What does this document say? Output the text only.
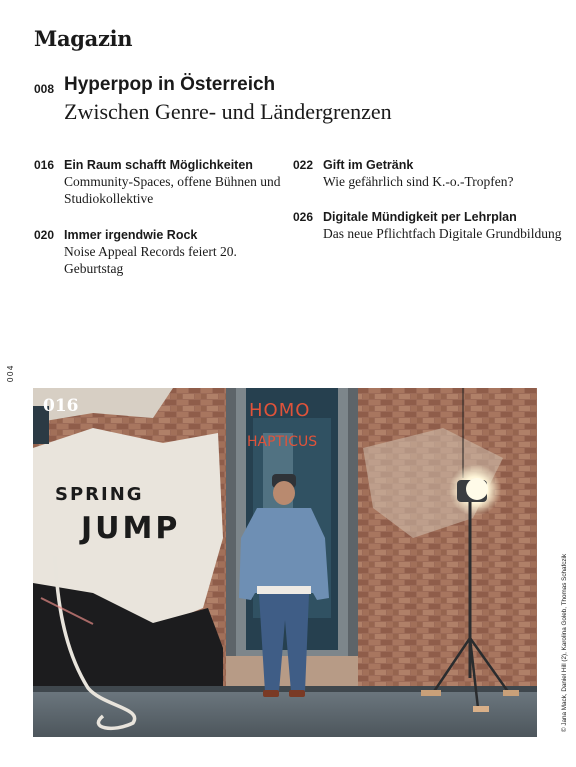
Magazin
008 Hyperpop in Österreich
Zwischen Genre- und Ländergrenzen
016 Ein Raum schafft Möglichkeiten
Community-Spaces, offene Bühnen und Studiokollektive
020 Immer irgendwie Rock
Noise Appeal Records feiert 20. Geburtstag
022 Gift im Getränk
Wie gefährlich sind K.-o.-Tropfen?
026 Digitale Mündigkeit per Lehrplan
Das neue Pflichtfach Digitale Grundbildung
004
SPRING
JUMP
HOMO
HAPTICUS
016
© Jana Mack, Daniel Hill (2), Karolina Goleb, Thomas Schafczik
